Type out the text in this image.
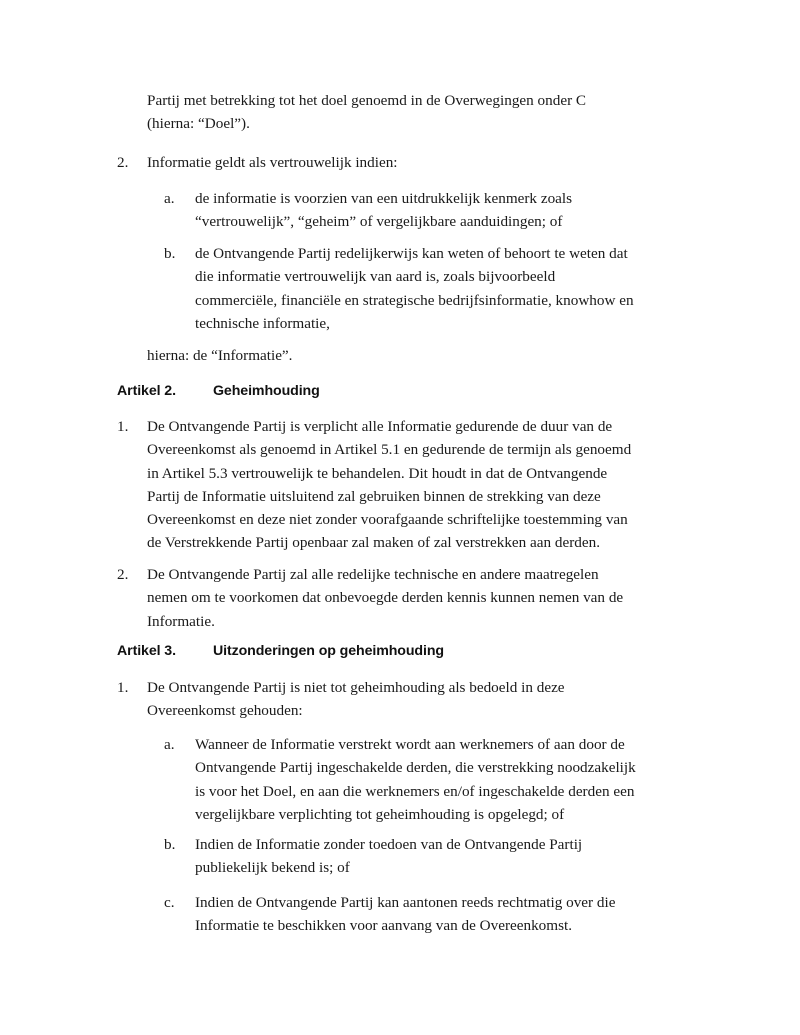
Partij met betrekking tot het doel genoemd in de Overwegingen onder C
(hierna: “Doel”).
2.	Informatie geldt als vertrouwelijk indien:
a.	de informatie is voorzien van een uitdrukkelijk kenmerk zoals
“vertrouwelijk”, “geheim” of vergelijkbare aanduidingen; of
b.	de Ontvangende Partij redelijkerwijs kan weten of behoort te weten dat
die informatie vertrouwelijk van aard is, zoals bijvoorbeeld
commerciële, financiële en strategische bedrijfsinformatie, knowhow en
technische informatie,
hierna: de “Informatie”.
Artikel 2.	Geheimhouding
1.	De Ontvangende Partij is verplicht alle Informatie gedurende de duur van de
Overeenkomst als genoemd in Artikel 5.1 en gedurende de termijn als genoemd
in Artikel 5.3 vertrouwelijk te behandelen. Dit houdt in dat de Ontvangende
Partij de Informatie uitsluitend zal gebruiken binnen de strekking van deze
Overeenkomst en deze niet zonder voorafgaande schriftelijke toestemming van
de Verstrekkende Partij openbaar zal maken of zal verstrekken aan derden.
2.	De Ontvangende Partij zal alle redelijke technische en andere maatregelen
nemen om te voorkomen dat onbevoegde derden kennis kunnen nemen van de
Informatie.
Artikel 3.	Uitzonderingen op geheimhouding
1.	De Ontvangende Partij is niet tot geheimhouding als bedoeld in deze
Overeenkomst gehouden:
a.	Wanneer de Informatie verstrekt wordt aan werknemers of aan door de
Ontvangende Partij ingeschakelde derden, die verstrekking noodzakelijk
is voor het Doel, en aan die werknemers en/of ingeschakelde derden een
vergelijkbare verplichting tot geheimhouding is opgelegd; of
b.	Indien de Informatie zonder toedoen van de Ontvangende Partij
publiekelijk bekend is; of
c.	Indien de Ontvangende Partij kan aantonen reeds rechtmatig over die
Informatie te beschikken voor aanvang van de Overeenkomst.
